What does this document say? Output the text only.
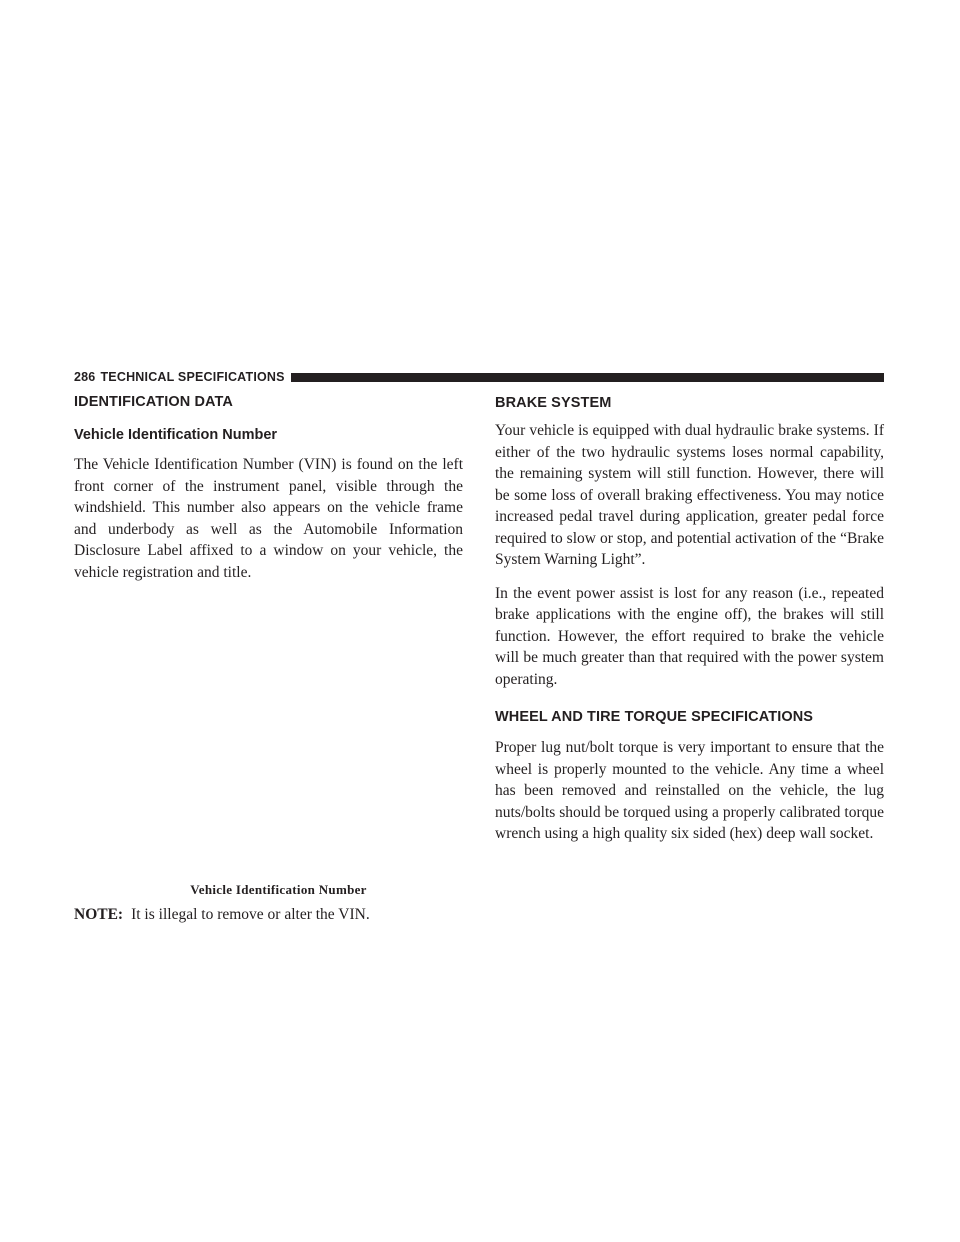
286 TECHNICAL SPECIFICATIONS
IDENTIFICATION DATA
Vehicle Identification Number

The Vehicle Identification Number (VIN) is found on the left front corner of the instrument panel, visible through the windshield. This number also appears on the vehicle frame and underbody as well as the Automobile Information Disclosure Label affixed to a window on your vehicle, the vehicle registration and title.

Vehicle Identification Number
NOTE: It is illegal to remove or alter the VIN.
BRAKE SYSTEM

Your vehicle is equipped with dual hydraulic brake systems. If either of the two hydraulic systems loses normal capability, the remaining system will still function. However, there will be some loss of overall braking effectiveness. You may notice increased pedal travel during application, greater pedal force required to slow or stop, and potential activation of the “Brake System Warning Light”.

In the event power assist is lost for any reason (i.e., repeated brake applications with the engine off), the brakes will still function. However, the effort required to brake the vehicle will be much greater than that required with the power system operating.

WHEEL AND TIRE TORQUE SPECIFICATIONS

Proper lug nut/bolt torque is very important to ensure that the wheel is properly mounted to the vehicle. Any time a wheel has been removed and reinstalled on the vehicle, the lug nuts/bolts should be torqued using a properly calibrated torque wrench using a high quality six sided (hex) deep wall socket.
